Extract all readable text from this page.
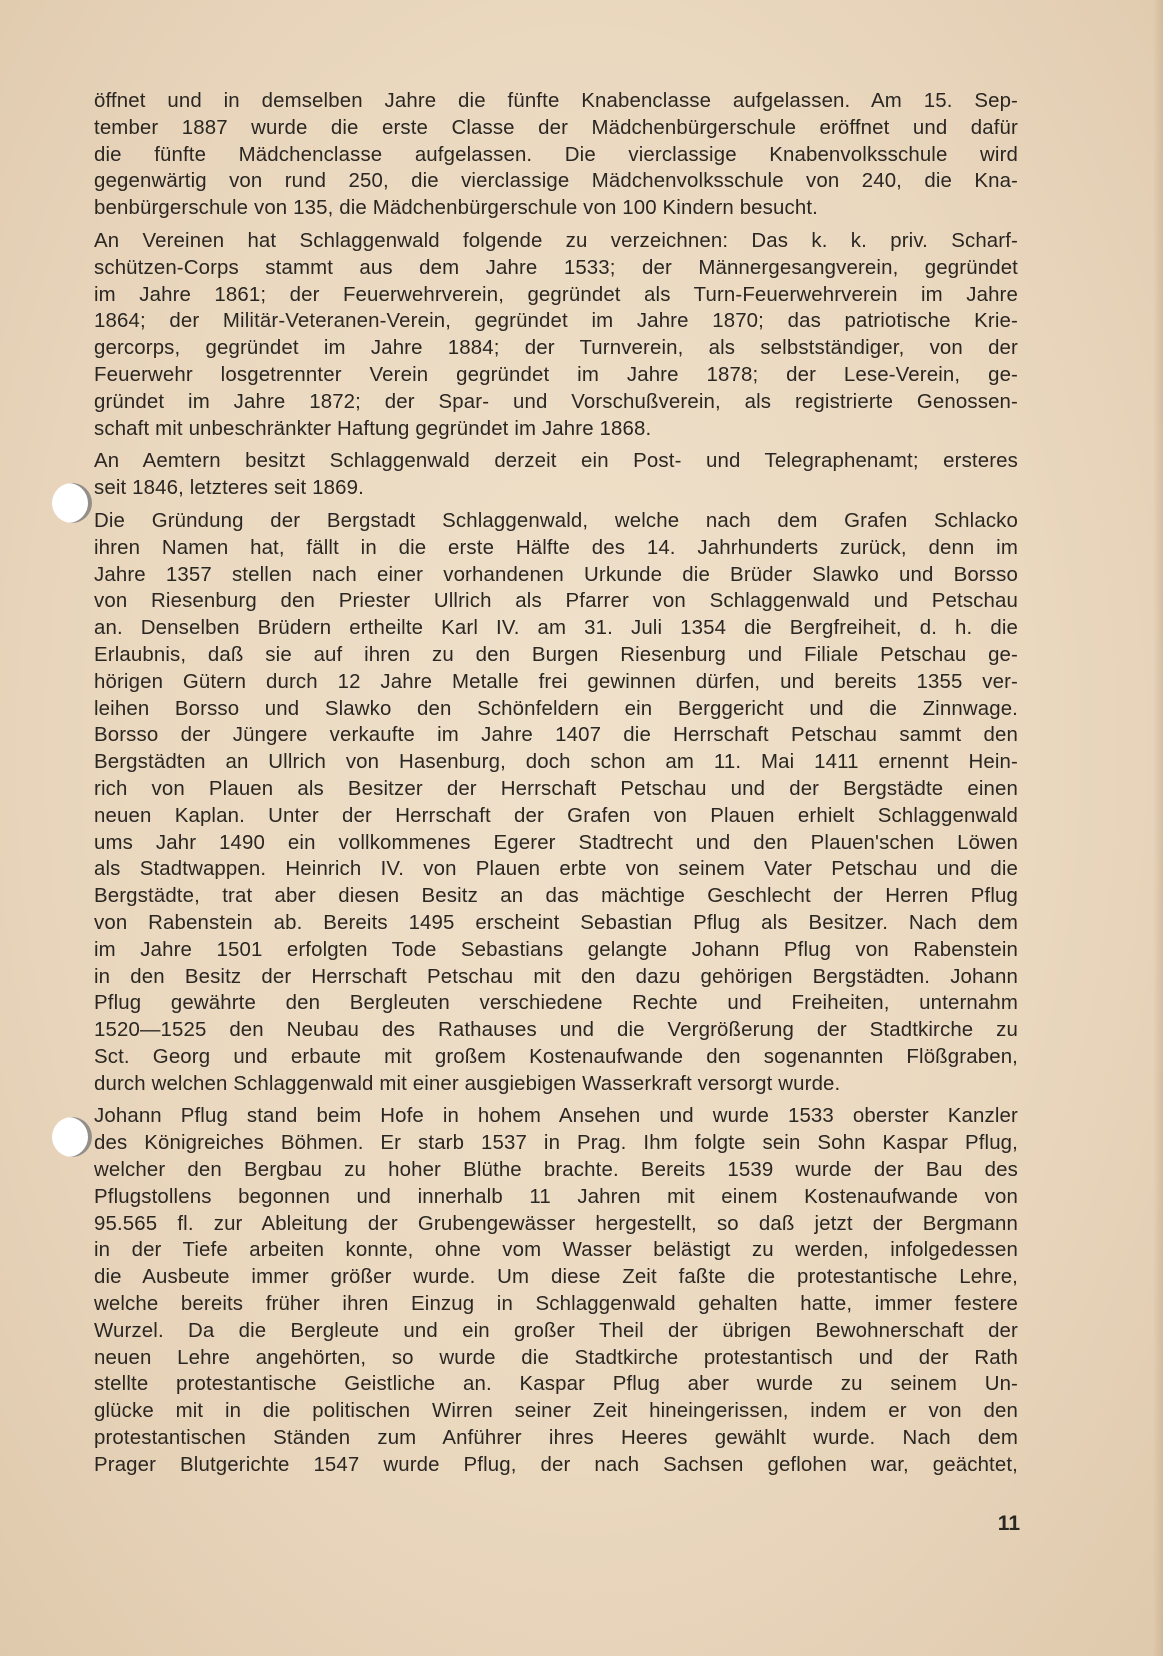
öffnet und in demselben Jahre die fünfte Knabenclasse aufgelassen. Am 15. Sep-
tember 1887 wurde die erste Classe der Mädchenbürgerschule eröffnet und dafür
die fünfte Mädchenclasse aufgelassen. Die vierclassige Knabenvolksschule wird
gegenwärtig von rund 250, die vierclassige Mädchenvolksschule von 240, die Kna-
benbürgerschule von 135, die Mädchenbürgerschule von 100 Kindern besucht.
An Vereinen hat Schlaggenwald folgende zu verzeichnen: Das k. k. priv. Scharf-
schützen-Corps stammt aus dem Jahre 1533; der Männergesangverein, gegründet
im Jahre 1861; der Feuerwehrverein, gegründet als Turn-Feuerwehrverein im Jahre
1864; der Militär-Veteranen-Verein, gegründet im Jahre 1870; das patriotische Krie-
gercorps, gegründet im Jahre 1884; der Turnverein, als selbstständiger, von der
Feuerwehr losgetrennter Verein gegründet im Jahre 1878; der Lese-Verein, ge-
gründet im Jahre 1872; der Spar- und Vorschußverein, als registrierte Genossen-
schaft mit unbeschränkter Haftung gegründet im Jahre 1868.
An Aemtern besitzt Schlaggenwald derzeit ein Post- und Telegraphenamt; ersteres
seit 1846, letzteres seit 1869.
Die Gründung der Bergstadt Schlaggenwald, welche nach dem Grafen Schlacko
ihren Namen hat, fällt in die erste Hälfte des 14. Jahrhunderts zurück, denn im
Jahre 1357 stellen nach einer vorhandenen Urkunde die Brüder Slawko und Borsso
von Riesenburg den Priester Ullrich als Pfarrer von Schlaggenwald und Petschau
an. Denselben Brüdern ertheilte Karl IV. am 31. Juli 1354 die Bergfreiheit, d. h. die
Erlaubnis, daß sie auf ihren zu den Burgen Riesenburg und Filiale Petschau ge-
hörigen Gütern durch 12 Jahre Metalle frei gewinnen dürfen, und bereits 1355 ver-
leihen Borsso und Slawko den Schönfeldern ein Berggericht und die Zinnwage.
Borsso der Jüngere verkaufte im Jahre 1407 die Herrschaft Petschau sammt den
Bergstädten an Ullrich von Hasenburg, doch schon am 11. Mai 1411 ernennt Hein-
rich von Plauen als Besitzer der Herrschaft Petschau und der Bergstädte einen
neuen Kaplan. Unter der Herrschaft der Grafen von Plauen erhielt Schlaggenwald
ums Jahr 1490 ein vollkommenes Egerer Stadtrecht und den Plauen'schen Löwen
als Stadtwappen. Heinrich IV. von Plauen erbte von seinem Vater Petschau und die
Bergstädte, trat aber diesen Besitz an das mächtige Geschlecht der Herren Pflug
von Rabenstein ab. Bereits 1495 erscheint Sebastian Pflug als Besitzer. Nach dem
im Jahre 1501 erfolgten Tode Sebastians gelangte Johann Pflug von Rabenstein
in den Besitz der Herrschaft Petschau mit den dazu gehörigen Bergstädten. Johann
Pflug gewährte den Bergleuten verschiedene Rechte und Freiheiten, unternahm
1520—1525 den Neubau des Rathauses und die Vergrößerung der Stadtkirche zu
Sct. Georg und erbaute mit großem Kostenaufwande den sogenannten Flößgraben,
durch welchen Schlaggenwald mit einer ausgiebigen Wasserkraft versorgt wurde.
Johann Pflug stand beim Hofe in hohem Ansehen und wurde 1533 oberster Kanzler
des Königreiches Böhmen. Er starb 1537 in Prag. Ihm folgte sein Sohn Kaspar Pflug,
welcher den Bergbau zu hoher Blüthe brachte. Bereits 1539 wurde der Bau des
Pflugstollens begonnen und innerhalb 11 Jahren mit einem Kostenaufwande von
95.565 fl. zur Ableitung der Grubengewässer hergestellt, so daß jetzt der Bergmann
in der Tiefe arbeiten konnte, ohne vom Wasser belästigt zu werden, infolgedessen
die Ausbeute immer größer wurde. Um diese Zeit faßte die protestantische Lehre,
welche bereits früher ihren Einzug in Schlaggenwald gehalten hatte, immer festere
Wurzel. Da die Bergleute und ein großer Theil der übrigen Bewohnerschaft der
neuen Lehre angehörten, so wurde die Stadtkirche protestantisch und der Rath
stellte protestantische Geistliche an. Kaspar Pflug aber wurde zu seinem Un-
glücke mit in die politischen Wirren seiner Zeit hineingerissen, indem er von den
protestantischen Ständen zum Anführer ihres Heeres gewählt wurde. Nach dem
Prager Blutgerichte 1547 wurde Pflug, der nach Sachsen geflohen war, geächtet,
11
